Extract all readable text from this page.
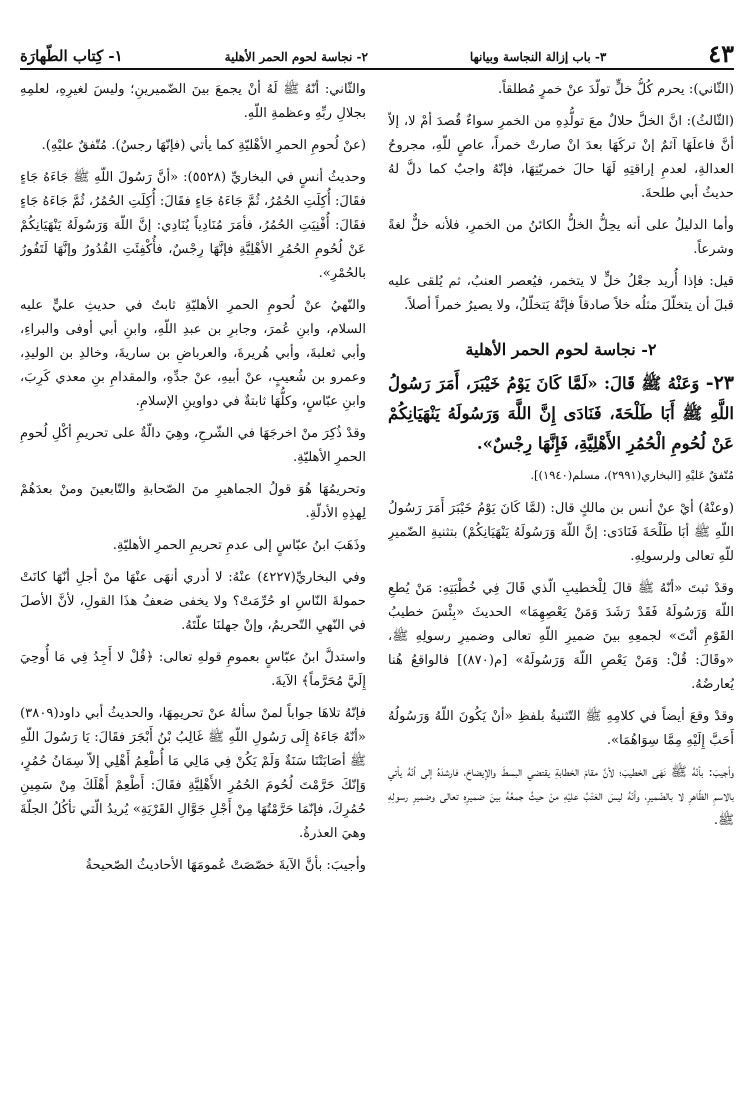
٤٣
٣- باب إزالة النجاسة وبيانها
٢- نجاسة لحوم الحمر الأهلية
١- كِتاب الطّهارَة

(الثّاني): يحرم كُلُّ خلٍّ تولّدَ عنْ خمرٍ مُطلقاً.

(الثّالثُ): انَّ الخلَّ حلالٌ معَ تولُّدِهِ من الخمرِ سواءٌ قُصدَ أمْ لا، إلاّ أنَّ فاعلَهَا آثمٌ إنْ تركَهَا بعدَ انْ صارتْ خمراً، عاصٍ للّهِ، مجروحُ العدالةِ، لعدمِ إراقتِهِ لَهَا حالَ خمريّتِهَا، فإنّهُ واجبٌ كما دلَّ لهُ حديثُ أبي طلحةَ.

وأما الدليلُ على أنه يحِلُّ الخلُّ الكائنُ من الخمرِ، فلأنه خلٌّ لغةً وشرعاً.

قيل: فإذا أُريد جعْلُ خلٍّ لا يتخمر، فيُعصر العنبُ، ثم يُلقى عليه قبلَ أن يتخلّلَ مثلُه خلاً صادقاً فإنَّهُ يَتخلّلُ، ولا يصيرُ خمراً أصلاً.

٢- نجاسة لحوم الحمر الأهلية

٢٣- وَعَنْهُ ﷺ قَالَ: «لَمَّا كَانَ يَوْمُ خَيْبَرَ، أَمَرَ رَسُولُ اللَّهِ ﷺ أَبَا طَلْحَةَ، فَنَادَى إِنَّ اللَّهَ وَرَسُولَهُ يَنْهَيَانِكُمْ عَنْ لُحُومِ الْحُمُرِ الأَهْلِيَّةِ، فَإِنَّهَا رِجْسٌ».

مُتّفقٌ عَليْهِ [البخاري(٢٩٩١)، مسلم(١٩٤٠)].

(وعنْهُ) أيْ عنْ أنس بن مالكٍ قال: (لمَّا كَانَ يَوْمُ خَيْبَرَ أَمَرَ رَسُولُ اللّهِ ﷺ أبَا طَلْحَةَ فَنَادَى: إنَّ اللّهَ وَرَسُولَهُ يَنْهَيَانِكُمْ) بتثنيةِ الضّميرِ للّهِ تعالى ولرسولِهِ.

وقدْ ثبتَ «أنّهُ ﷺ قالَ لِلْخطيبِ الّذي قَالَ فِي خُطْبَتِهِ: مَنْ يُطعِ اللّهَ وَرَسُولَهُ فَقَدْ رَشَدَ وَمَنْ يَعْصِهِمَا» الحديثَ «بِئْسَ خطيبُ القَوْمِ أنْتَ» لجمعِهِ بينَ ضميرِ اللّهِ تعالى وضميرِ رسولِهِ ﷺ، «وقَالَ: قُلْ: وَمَنْ يَعْصِ اللّهَ وَرَسُولَهُ» [م(٨٧٠)] فالواقعُ هُنا يُعارضُهُ.

وقدْ وقعَ أيضاً في كلامِهِ ﷺ التّثنيةُ بلفظِ «أنْ يَكُونَ اللّهُ وَرَسُولُهُ أَحَبَّ إِلَيْهِ مِمَّا سِوَاهُمَا».

وأجيبَ: بأنّهُ ﷺ نَهَى الخطيبَ؛ لأنَّ مقامَ الخطابةِ يقتضي البسطَ والإيضاحَ، فارشدَهُ إلى أنّهُ يأتي بالاسمِ الظّاهرِ لا بالضّميرِ، وأنّهُ ليسَ العَتْبُ عليْهِ منْ حيثُ جمعُهُ بينَ ضميرِهِ تعالى وضميرِ رسولِهِ ﷺ.

والثّاني: أنّهُ ﷺ لَهُ أنْ يجمعَ بينَ الضّميرينِ؛ وليسَ لغيرِهِ، لعلمِهِ بجلالِ ربِّهِ وعظمةِ اللّهِ.

(عنْ لُحومِ الحمرِ الأهْليّةِ كما يأتي (فإنّهَا رجسٌ). مُتّفقٌ عليْهِ).

وحديثُ أنسٍ في البخاريِّ (٥٥٢٨): «أنَّ رَسُولَ اللّهِ ﷺ جَاءَهُ جَاءٍ فقَالَ: أُكِلَتِ الحُمُرُ، ثُمَّ جَاءَهُ جَاءٍ فقَالَ: أُكِلَتِ الحُمُرُ، ثُمَّ جَاءَهُ جَاءٍ فقَالَ: أُفْنِيَتِ الحُمُرُ، فأمَرَ مُنَادِياً يُنَادِي: إنَّ اللّهَ وَرَسُولَهُ يَنْهَيَانِكُمْ عَنْ لُحُومِ الحُمُرِ الأهْلِيَّةِ فإنَّهَا رِجْسٌ، فأُكْفِئَتِ القُدُورُ وإنَّهَا لَتَفُورُ بالحُمْرِ».

والنّهيُ عنْ لُحومِ الحمرِ الأهليّةِ ثابتٌ في حديثِ عليٍّ عليه السلام، وابنِ عُمرَ، وجابرِ بن عبدِ اللّهِ، وابنِ أبي أوفى والبراءِ، وأبي ثعلبةَ، وأبي هُريرةَ، والعرباضِ بن ساريةَ، وخالدِ بن الوليدِ، وعمرو بن شُعيبٍ، عنْ أبيهِ، عنْ جدِّهِ، والمقدامِ بنِ معدي كَرِبَ، وابنِ عبّاسٍ، وكلُّهَا ثابتةٌ في دواوينِ الإسلامِ.

وقدْ ذُكِرَ منْ اخرجَهَا في الشّرحِ، وهِيَ دالّةٌ على تحريمِ أكْلِ لُحومِ الحمرِ الأهليّةِ.

وتحريمُهَا هُوَ قولُ الجماهيرِ منَ الصّحابةِ والتّابعينَ ومنْ بعدَهُمْ لِهذِهِ الأدلّةِ.

وذَهَبَ ابنُ عبّاسٍ إلى عدمِ تحريمِ الحمرِ الأهليّةِ.

وفي البخاريِّ(٤٢٢٧) عنْهُ: لا أدري أنهَى عنْهَا منْ أجلِ أنّهَا كانَتْ حمولةَ النّاسِ او حُرِّمَتْ؟ ولا يخفى ضعفُ هذَا القولِ، لأنَّ الأصلَ في النّهيِ التّحريمُ، وإنْ جهلنَا علّتَهُ.

واستدلَّ ابنُ عبّاسٍ بعمومِ قولهِ تعالى: ﴿قُلْ لا أَجِدُ فِي مَا أُوحِيَ إِلَيَّ مُحَرَّماً﴾ الآيةَ.

فإنّهُ تلاهَا جواباً لمنْ سألهُ عنْ تحريمِهَا، والحديثُ أبي داود(٣٨٠٩) «أنّهُ جَاءَهُ إِلَى رَسُولِ اللّهِ ﷺ غَالِبُ بْنُ أَبْجَرَ فقَالَ: يَا رَسُولَ اللّهِ ﷺ أصَابَتْنَا سَنَةٌ وَلَمْ يَكُنْ فِي مَالِي مَا أُطْعِمُ أَهْلِي إلاّ سِمَانُ حُمُرٍ، وَإنّكَ حَرَّمْتَ لُحُومَ الحُمُرِ الأَهْلِيَّةِ فقَالَ: أَطْعِمْ أَهْلَكَ مِنْ سَمِينِ حُمُرِكَ، فإنّمَا حَرَّمْتُهَا مِنْ أَجْلِ جَوَّالِ القَرْيَةِ» يُريدُ الّتي تأكُلُ الجلّةَ وهيَ العذرةُ.

وأجيبَ: بأنَّ الآيةَ خصّصَتْ عُمومَهَا الأحاديثُ الصّحيحةُ
